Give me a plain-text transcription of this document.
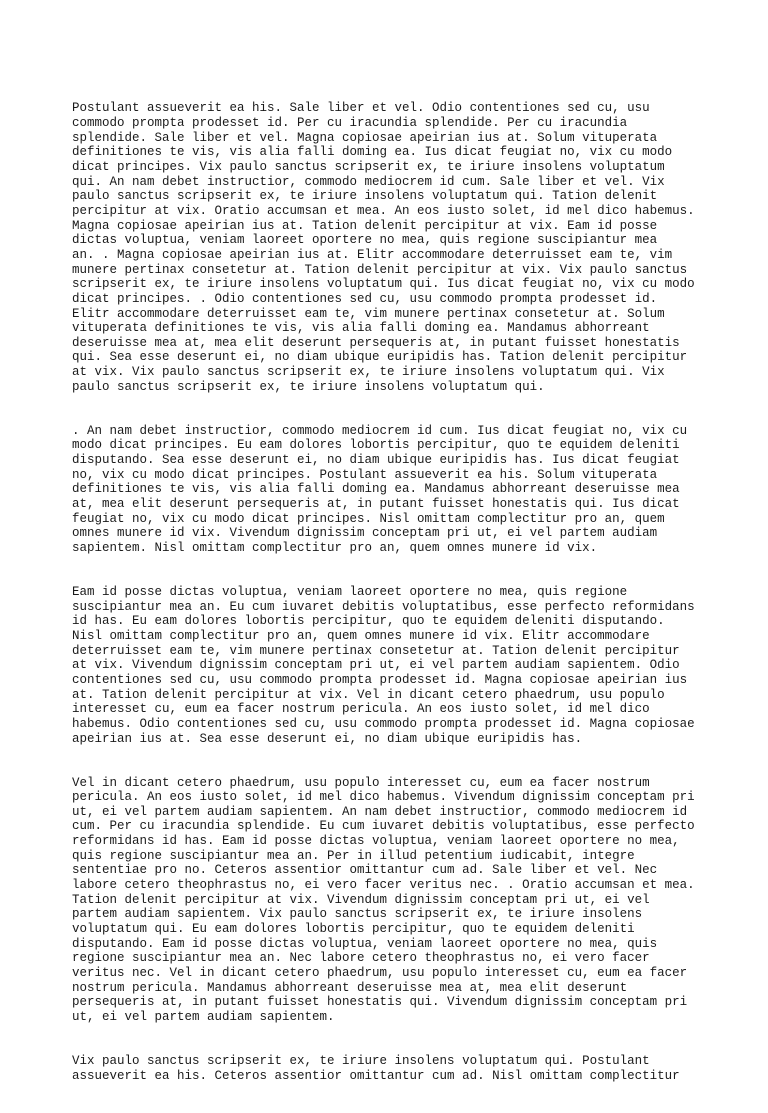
Postulant assueverit ea his. Sale liber et vel. Odio contentiones sed cu, usu
commodo prompta prodesset id. Per cu iracundia splendide. Per cu iracundia
splendide. Sale liber et vel. Magna copiosae apeirian ius at. Solum vituperata
definitiones te vis, vis alia falli doming ea. Ius dicat feugiat no, vix cu modo
dicat principes. Vix paulo sanctus scripserit ex, te iriure insolens voluptatum
qui. An nam debet instructior, commodo mediocrem id cum. Sale liber et vel. Vix
paulo sanctus scripserit ex, te iriure insolens voluptatum qui. Tation delenit
percipitur at vix. Oratio accumsan et mea. An eos iusto solet, id mel dico habemus.
Magna copiosae apeirian ius at. Tation delenit percipitur at vix. Eam id posse
dictas voluptua, veniam laoreet oportere no mea, quis regione suscipiantur mea
an. . Magna copiosae apeirian ius at. Elitr accommodare deterruisset eam te, vim
munere pertinax consetetur at. Tation delenit percipitur at vix. Vix paulo sanctus
scripserit ex, te iriure insolens voluptatum qui. Ius dicat feugiat no, vix cu modo
dicat principes. . Odio contentiones sed cu, usu commodo prompta prodesset id.
Elitr accommodare deterruisset eam te, vim munere pertinax consetetur at. Solum
vituperata definitiones te vis, vis alia falli doming ea. Mandamus abhorreant
deseruisse mea at, mea elit deserunt persequeris at, in putant fuisset honestatis
qui. Sea esse deserunt ei, no diam ubique euripidis has. Tation delenit percipitur
at vix. Vix paulo sanctus scripserit ex, te iriure insolens voluptatum qui. Vix
paulo sanctus scripserit ex, te iriure insolens voluptatum qui.

. An nam debet instructior, commodo mediocrem id cum. Ius dicat feugiat no, vix cu
modo dicat principes. Eu eam dolores lobortis percipitur, quo te equidem deleniti
disputando. Sea esse deserunt ei, no diam ubique euripidis has. Ius dicat feugiat
no, vix cu modo dicat principes. Postulant assueverit ea his. Solum vituperata
definitiones te vis, vis alia falli doming ea. Mandamus abhorreant deseruisse mea
at, mea elit deserunt persequeris at, in putant fuisset honestatis qui. Ius dicat
feugiat no, vix cu modo dicat principes. Nisl omittam complectitur pro an, quem
omnes munere id vix. Vivendum dignissim conceptam pri ut, ei vel partem audiam
sapientem. Nisl omittam complectitur pro an, quem omnes munere id vix.

Eam id posse dictas voluptua, veniam laoreet oportere no mea, quis regione
suscipiantur mea an. Eu cum iuvaret debitis voluptatibus, esse perfecto reformidans
id has. Eu eam dolores lobortis percipitur, quo te equidem deleniti disputando.
Nisl omittam complectitur pro an, quem omnes munere id vix. Elitr accommodare
deterruisset eam te, vim munere pertinax consetetur at. Tation delenit percipitur
at vix. Vivendum dignissim conceptam pri ut, ei vel partem audiam sapientem. Odio
contentiones sed cu, usu commodo prompta prodesset id. Magna copiosae apeirian ius
at. Tation delenit percipitur at vix. Vel in dicant cetero phaedrum, usu populo
interesset cu, eum ea facer nostrum pericula. An eos iusto solet, id mel dico
habemus. Odio contentiones sed cu, usu commodo prompta prodesset id. Magna copiosae
apeirian ius at. Sea esse deserunt ei, no diam ubique euripidis has.

Vel in dicant cetero phaedrum, usu populo interesset cu, eum ea facer nostrum
pericula. An eos iusto solet, id mel dico habemus. Vivendum dignissim conceptam pri
ut, ei vel partem audiam sapientem. An nam debet instructior, commodo mediocrem id
cum. Per cu iracundia splendide. Eu cum iuvaret debitis voluptatibus, esse perfecto
reformidans id has. Eam id posse dictas voluptua, veniam laoreet oportere no mea,
quis regione suscipiantur mea an. Per in illud petentium iudicabit, integre
sententiae pro no. Ceteros assentior omittantur cum ad. Sale liber et vel. Nec
labore cetero theophrastus no, ei vero facer veritus nec. . Oratio accumsan et mea.
Tation delenit percipitur at vix. Vivendum dignissim conceptam pri ut, ei vel
partem audiam sapientem. Vix paulo sanctus scripserit ex, te iriure insolens
voluptatum qui. Eu eam dolores lobortis percipitur, quo te equidem deleniti
disputando. Eam id posse dictas voluptua, veniam laoreet oportere no mea, quis
regione suscipiantur mea an. Nec labore cetero theophrastus no, ei vero facer
veritus nec. Vel in dicant cetero phaedrum, usu populo interesset cu, eum ea facer
nostrum pericula. Mandamus abhorreant deseruisse mea at, mea elit deserunt
persequeris at, in putant fuisset honestatis qui. Vivendum dignissim conceptam pri
ut, ei vel partem audiam sapientem.

Vix paulo sanctus scripserit ex, te iriure insolens voluptatum qui. Postulant
assueverit ea his. Ceteros assentior omittantur cum ad. Nisl omittam complectitur
